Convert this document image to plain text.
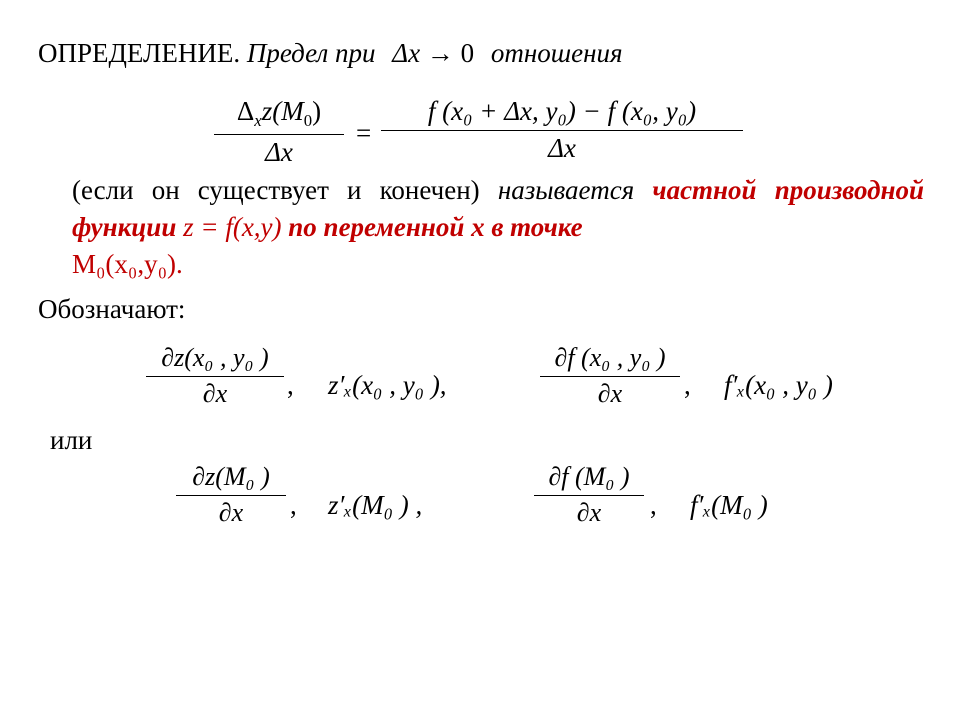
ОПРЕДЕЛЕНИЕ. Предел при Δx → 0 отношения
$\Delta_xz(M_0)$
Δx
=
f (x₀ + Δx, y₀) − f (x₀, y₀)
Δx
(если он существует и конечен) называется частной производной функции z = f(x,y) по переменной x в точке
M₀(x₀,y₀).
Обозначают:
∂z(x₀ , y₀ )
∂x	, z′ₓ(x₀ , y₀ ),
∂f (x₀ , y₀ )
∂x	, f′ₓ(x₀ , y₀ )
или
∂z(M₀ )
∂x	, z′ₓ(M₀ ) ,
∂f (M₀ )
∂x	, f′ₓ(M₀ )
